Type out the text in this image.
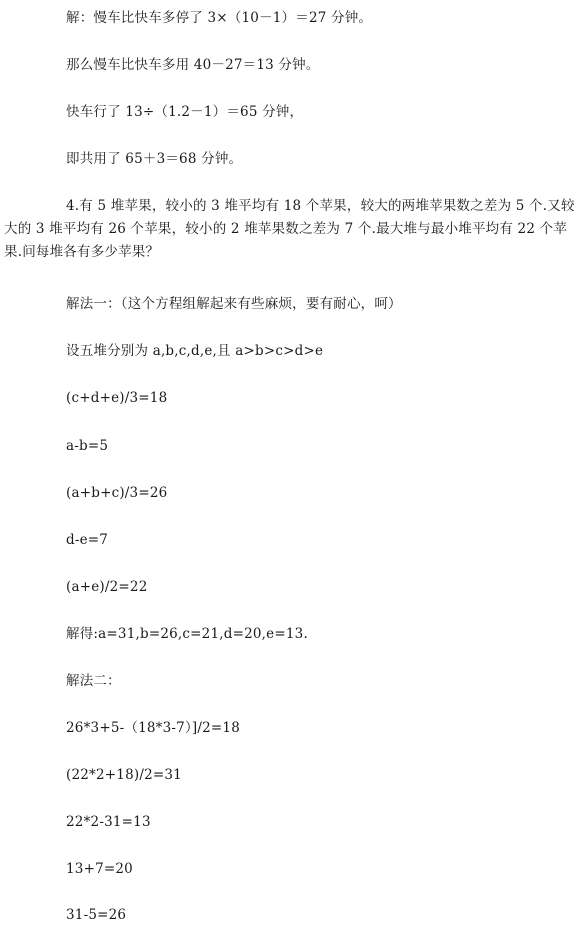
解：慢车比快车多停了 3×（10－1）＝27 分钟。
那么慢车比快车多用 40－27＝13 分钟。
快车行了 13÷（1.2－1）＝65 分钟，
即共用了 65＋3＝68 分钟。
4.有 5 堆苹果，较小的 3 堆平均有 18 个苹果，较大的两堆苹果数之差为 5 个.又较大的 3 堆平均有 26 个苹果，较小的 2 堆苹果数之差为 7 个.最大堆与最小堆平均有 22 个苹果.问每堆各有多少苹果？
解法一：（这个方程组解起来有些麻烦，要有耐心，呵）
设五堆分别为 a,b,c,d,e,且 a>b>c>d>e
(c+d+e)/3=18
a-b=5
(a+b+c)/3=26
d-e=7
(a+e)/2=22
解得:a=31,b=26,c=21,d=20,e=13.
解法二：
26*3+5-（18*3-7）]/2=18
(22*2+18)/2=31
22*2-31=13
13+7=20
31-5=26
